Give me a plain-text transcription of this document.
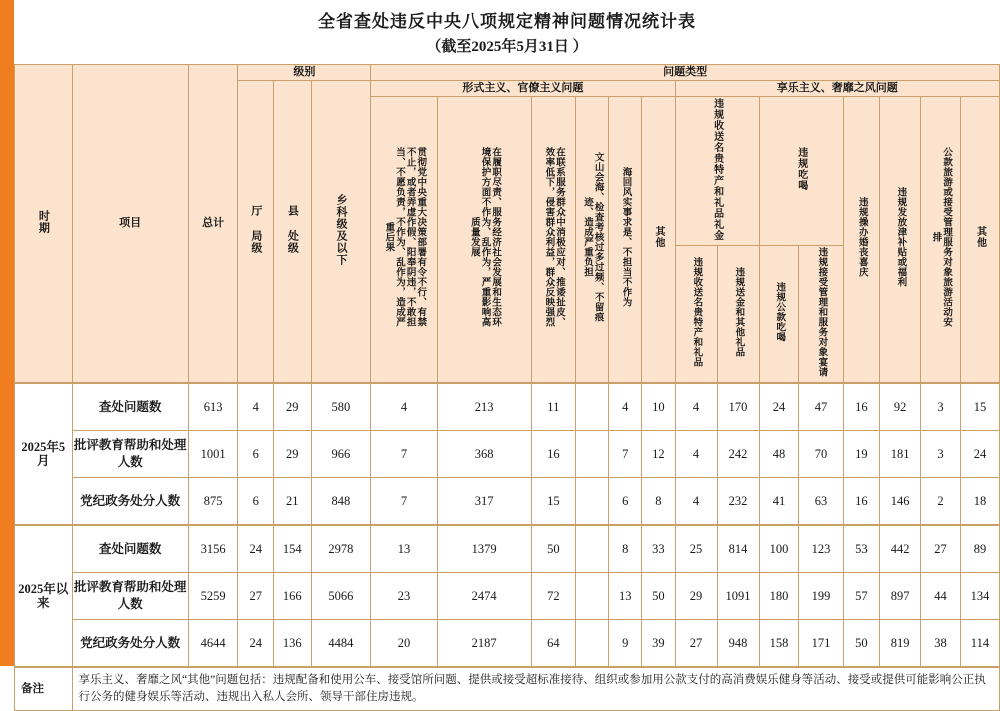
全省查处违反中央八项规定精神问题情况统计表
（截至2025年5月31日 ）
时期	项目	总计	级别			问题类型													
			厅 局级	县 处级	乡科级及以下	形式主义、官僚主义问题						享乐主义、奢靡之风问题							
						贯彻党中央重大决策部署有令不行、有禁不止，或者弄虚作假、阳奉阴违，不敢担当、不愿负责，不作为、乱作为，造成严重后果	在履职尽责、服务经济社会发展和生态环境保护方面不作为、乱作为，严重影响高质量发展	在联系服务群众中消极应对、推诿扯皮、效率低下，侵害群众利益，群众反映强烈	文山会海、检查考核过多过频、不留痕迹、造成严重负担	海回风实事求是、不担当不作为	其他	违规收送名贵特产和礼品礼金		违规吃喝		违规操办婚丧喜庆	违规发放津补贴或福利	公款旅游或接受管理服务对象旅游活动安排	其他
												违规收送名贵特产和礼品	违规送金和其他礼品	违规公款吃喝	违规接受管理和服务对象宴请				
2025年5月	查处问题数	613	4	29	580	4	213	11		4	10	4	170	24	47	16	92	3	15
	批评教育帮助和处理人数	1001	6	29	966	7	368	16		7	12	4	242	48	70	19	181	3	24
	党纪政务处分人数	875	6	21	848	7	317	15		6	8	4	232	41	63	16	146	2	18
2025年以来	查处问题数	3156	24	154	2978	13	1379	50		8	33	25	814	100	123	53	442	27	89
	批评教育帮助和处理人数	5259	27	166	5066	23	2474	72		13	50	29	1091	180	199	57	897	44	134
	党纪政务处分人数	4644	24	136	4484	20	2187	64		9	39	27	948	158	171	50	819	38	114
备注	享乐主义、奢靡之风“其他”问题包括：违规配备和使用公车、接受馆所问题、提供或接受超标准接待、组织或参加用公款支付的高消费娱乐健身等活动、接受或提供可能影响公正执行公务的健身娱乐等活动、违规出入私人会所、领导干部住房违规。																		
